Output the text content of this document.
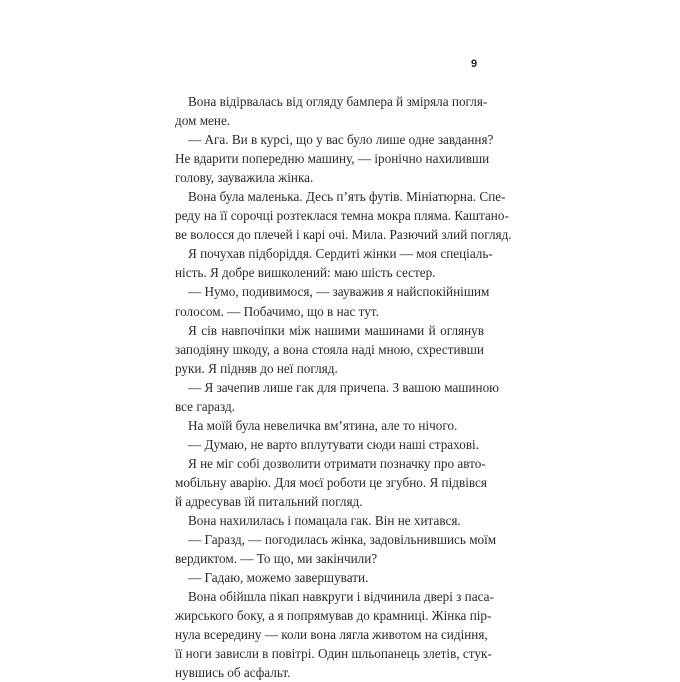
9
Вона відірвалась від огляду бампера й зміряла погля-
дом мене.
— Ага. Ви в курсі, що у вас було лише одне завдання?
Не вдарити попередню машину, — іронічно нахиливши
голову, зауважила жінка.
Вона була маленька. Десь п’ять футів. Мініатюрна. Спе-
реду на її сорочці розтеклася темна мокра пляма. Каштано-
ве волосся до плечей і карі очі. Мила. Разючий злий погляд.
Я почухав підборіддя. Сердиті жінки — моя спеціаль-
ність. Я добре вишколений: маю шість сестер.
— Нумо, подивимося, — зауважив я найспокійнішим
голосом. — Побачимо, що в нас тут.
Я сів навпочіпки між нашими машинами й оглянув
заподіяну шкоду, а вона стояла наді мною, схрестивши
руки. Я підняв до неї погляд.
— Я зачепив лише гак для причепа. З вашою машиною
все гаразд.
На моїй була невеличка вм’ятина, але то нічого.
— Думаю, не варто вплутувати сюди наші страхові.
Я не міг собі дозволити отримати позначку про авто-
мобільну аварію. Для моєї роботи це згубно. Я підвівся
й адресував їй питальний погляд.
Вона нахилилась і помацала гак. Він не хитався.
— Гаразд, — погодилась жінка, задовільнившись моїм
вердиктом. — То що, ми закінчили?
— Гадаю, можемо завершувати.
Вона обійшла пікап навкруги і відчинила двері з паса-
жирського боку, а я попрямував до крамниці. Жінка пір-
нула всередину — коли вона лягла животом на сидіння,
її ноги зависли в повітрі. Один шльопанець злетів, стук-
нувшись об асфальт.
